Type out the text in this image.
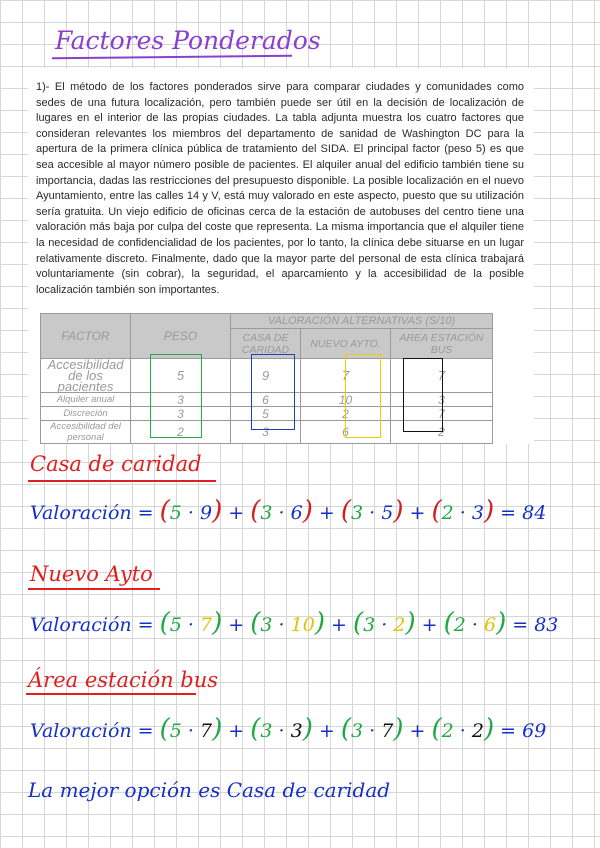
Factores Ponderados

1)- El método de los factores ponderados sirve para comparar ciudades y comunidades como sedes de una futura localización, pero también puede ser útil en la decisión de localización de lugares en el interior de las propias ciudades. La tabla adjunta muestra los cuatro factores que consideran relevantes los miembros del departamento de sanidad de Washington DC para la apertura de la primera clínica pública de tratamiento del SIDA. El principal factor (peso 5) es que sea accesible al mayor número posible de pacientes. El alquiler anual del edificio también tiene su importancia, dadas las restricciones del presupuesto disponible. La posible localización en el nuevo Ayuntamiento, entre las calles 14 y V, está muy valorado en este aspecto, puesto que su utilización sería gratuita. Un viejo edificio de oficinas cerca de la estación de autobuses del centro tiene una valoración más baja por culpa del coste que representa. La misma importancia que el alquiler tiene la necesidad de confidencialidad de los pacientes, por lo tanto, la clínica debe situarse en un lugar relativamente discreto. Finalmente, dado que la mayor parte del personal de esta clínica trabajará voluntariamente (sin cobrar), la seguridad, el aparcamiento y la accesibilidad de la posible localización también son importantes.

FACTOR	PESO	VALORACIÓN ALTERNATIVAS (S/10)		
		CASA DE CARIDAD	NUEVO AYTO.	AREA ESTACIÓN BUS
Accesibilidad de los pacientes	5	9	7	7
Alquiler anual	3	6	10	3
Discreción	3	5	2	7
Accesibilidad del personal	2	3	6	2
Casa de caridad
Valoración = (5 · 9) + (3 · 6) + (3 · 5) + (2 · 3) = 84
Nuevo Ayto
Valoración = (5 · 7) + (3 · 10) + (3 · 2) + (2 · 6) = 83
Área estación bus
Valoración = (5 · 7) + (3 · 3) + (3 · 7) + (2 · 2) = 69
La mejor opción es Casa de caridad
